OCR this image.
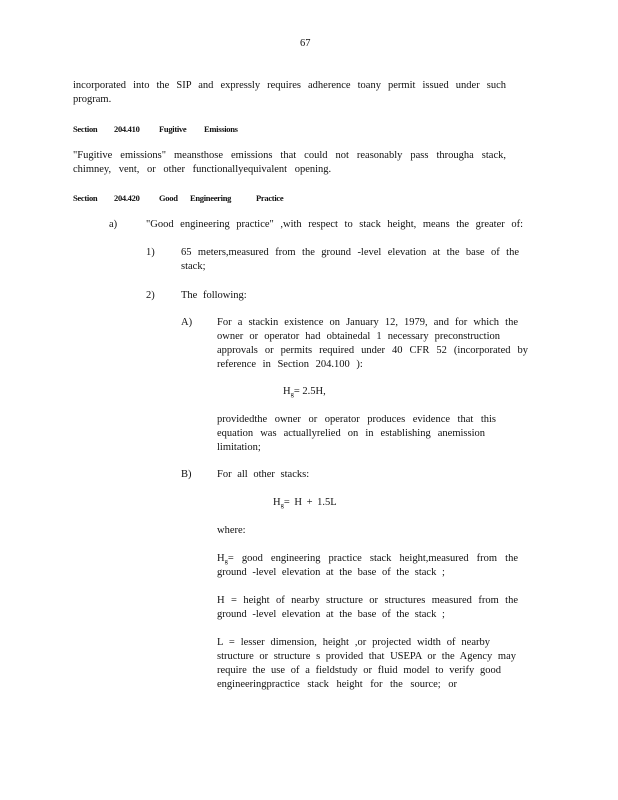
67
incorporated into the SIP and expressly requires adherence toany permit issued under such
program.
Section 204.410 Fugitive Emissions
"Fugitive emissions" meansthose emissions that could not reasonably pass througha stack,
chimney, vent, or other functionallyequivalent opening.
Section 204.420 Good Engineering	Practice
a)	"Good engineering practice" ,with respect to stack height, means the greater of:
1)	65 meters,measured from the ground -level elevation at the base of the
stack;
2)	The following:
A) For a stackin existence on January 12, 1979, and for which the
owner or operator had obtainedal 1 necessary preconstruction
approvals or permits required under 40 CFR 52 (incorporated by
reference in Section 204.100 ):
$H_g= 2.5H$,
providedthe owner or operator produces evidence that this
equation was actuallyrelied on in establishing anemission
limitation;
B) For all other stacks:
$H_g= H + 1.5L$
where:
$H_g=$ good engineering practice stack height,measured from the
ground -level elevation at the base of the stack ;
H = height of nearby structure or structures measured from the
ground -level elevation at the base of the stack ;
L = lesser dimension, height ,or projected width of nearby
structure or structure s provided that USEPA or the Agency may
require the use of a fieldstudy or fluid model to verify good
engineeringpractice stack height for the source; or
